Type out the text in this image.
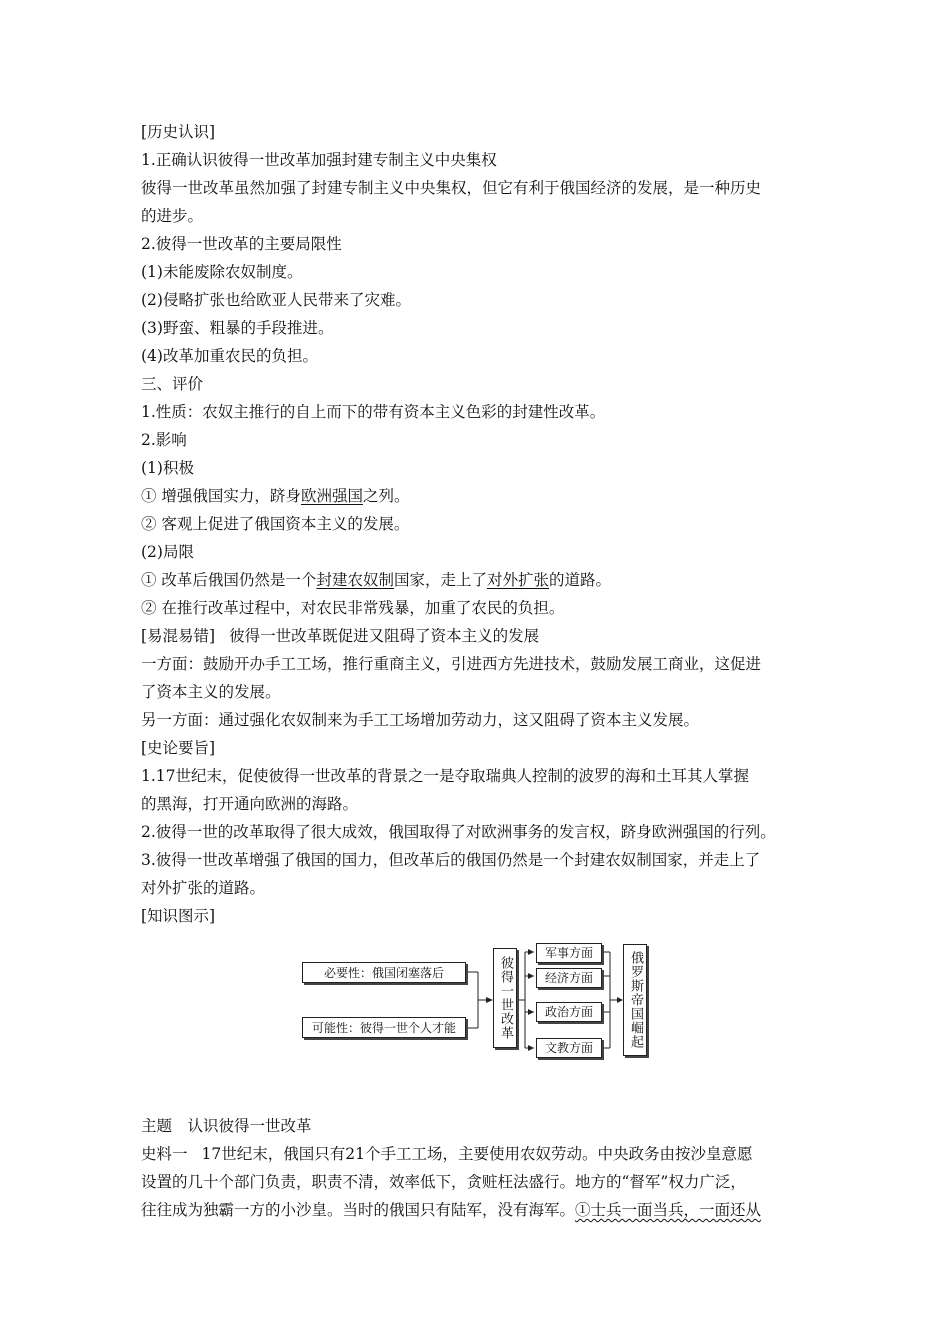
[历史认识]
1.正确认识彼得一世改革加强封建专制主义中央集权
彼得一世改革虽然加强了封建专制主义中央集权，但它有利于俄国经济的发展，是一种历史
的进步。
2.彼得一世改革的主要局限性
(1)未能废除农奴制度。
(2)侵略扩张也给欧亚人民带来了灾难。
(3)野蛮、粗暴的手段推进。
(4)改革加重农民的负担。
三、评价
1.性质：农奴主推行的自上而下的带有资本主义色彩的封建性改革。
2.影响
(1)积极
① 增强俄国实力，跻身欧洲强国之列。
② 客观上促进了俄国资本主义的发展。
(2)局限
① 改革后俄国仍然是一个封建农奴制国家，走上了对外扩张的道路。
② 在推行改革过程中，对农民非常残暴，加重了农民的负担。
[易混易错] 彼得一世改革既促进又阻碍了资本主义的发展
一方面：鼓励开办手工工场，推行重商主义，引进西方先进技术，鼓励发展工商业，这促进
了资本主义的发展。
另一方面：通过强化农奴制来为手工工场增加劳动力，这又阻碍了资本主义发展。
[史论要旨]
1.17世纪末，促使彼得一世改革的背景之一是夺取瑞典人控制的波罗的海和土耳其人掌握
的黑海，打开通向欧洲的海路。
2.彼得一世的改革取得了很大成效，俄国取得了对欧洲事务的发言权，跻身欧洲强国的行列。
3.彼得一世改革增强了俄国的国力，但改革后的俄国仍然是一个封建农奴制国家，并走上了
对外扩张的道路。
[知识图示]
必要性：俄国闭塞落后
可能性：彼得一世个人才能	彼得一世改革
军事方面
经济方面
政治方面
文教方面	俄罗斯帝国崛起
主题　认识彼得一世改革
史料一 17世纪末，俄国只有21个手工工场，主要使用农奴劳动。中央政务由按沙皇意愿
设置的几十个部门负责，职责不清，效率低下，贪赃枉法盛行。地方的“督军”权力广泛，
往往成为独霸一方的小沙皇。当时的俄国只有陆军，没有海军。①士兵一面当兵，一面还从
